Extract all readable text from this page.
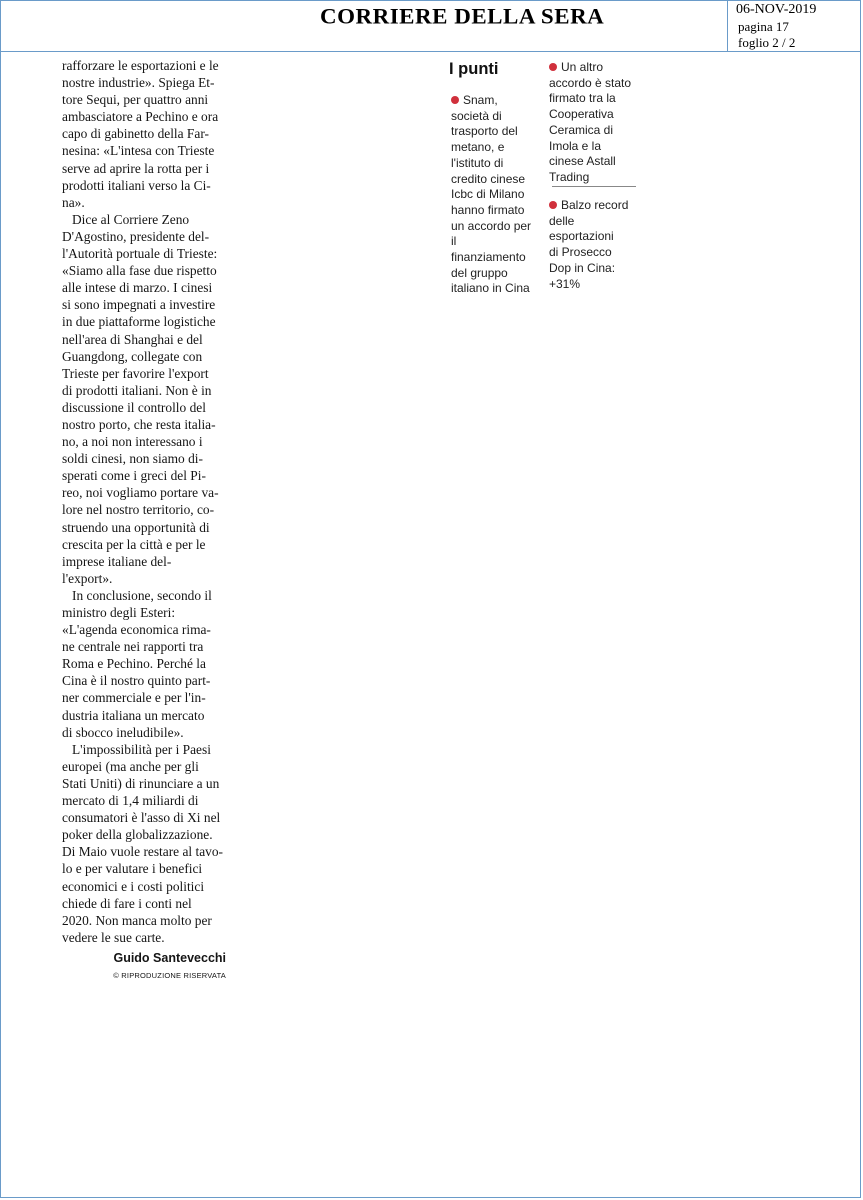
CORRIERE DELLA SERA	06-NOV-2019
pagina 17
foglio 2 / 2

rafforzare le esportazioni e le

nostre industrie». Spiega Et-

tore Sequi, per quattro anni

ambasciatore a Pechino e ora

capo di gabinetto della Far-

nesina: «L'intesa con Trieste

serve ad aprire la rotta per i

prodotti italiani verso la Ci-

na».

Dice al Corriere Zeno

D'Agostino, presidente del-

l'Autorità portuale di Trieste:

«Siamo alla fase due rispetto

alle intese di marzo. I cinesi

si sono impegnati a investire

in due piattaforme logistiche

nell'area di Shanghai e del

Guangdong, collegate con

Trieste per favorire l'export

di prodotti italiani. Non è in

discussione il controllo del

nostro porto, che resta italia-

no, a noi non interessano i

soldi cinesi, non siamo di-

sperati come i greci del Pi-

reo, noi vogliamo portare va-

lore nel nostro territorio, co-

struendo una opportunità di

crescita per la città e per le

imprese italiane del-

l'export».

In conclusione, secondo il

ministro degli Esteri:

«L'agenda economica rima-

ne centrale nei rapporti tra

Roma e Pechino. Perché la

Cina è il nostro quinto part-

ner commerciale e per l'in-

dustria italiana un mercato

di sbocco ineludibile».

L'impossibilità per i Paesi

europei (ma anche per gli

Stati Uniti) di rinunciare a un

mercato di 1,4 miliardi di

consumatori è l'asso di Xi nel

poker della globalizzazione.

Di Maio vuole restare al tavo-

lo e per valutare i benefici

economici e i costi politici

chiede di fare i conti nel

2020. Non manca molto per

vedere le sue carte.

Guido Santevecchi

© RIPRODUZIONE RISERVATA

I punti

Snam,

società di

trasporto del

metano, e

l'istituto di

credito cinese

Icbc di Milano

hanno firmato

un accordo per

il

finanziamento

del gruppo

italiano in Cina

Un altro

accordo è stato

firmato tra la

Cooperativa

Ceramica di

Imola e la

cinese Astall

Trading

Balzo record

delle

esportazioni

di Prosecco

Dop in Cina:

+31%
